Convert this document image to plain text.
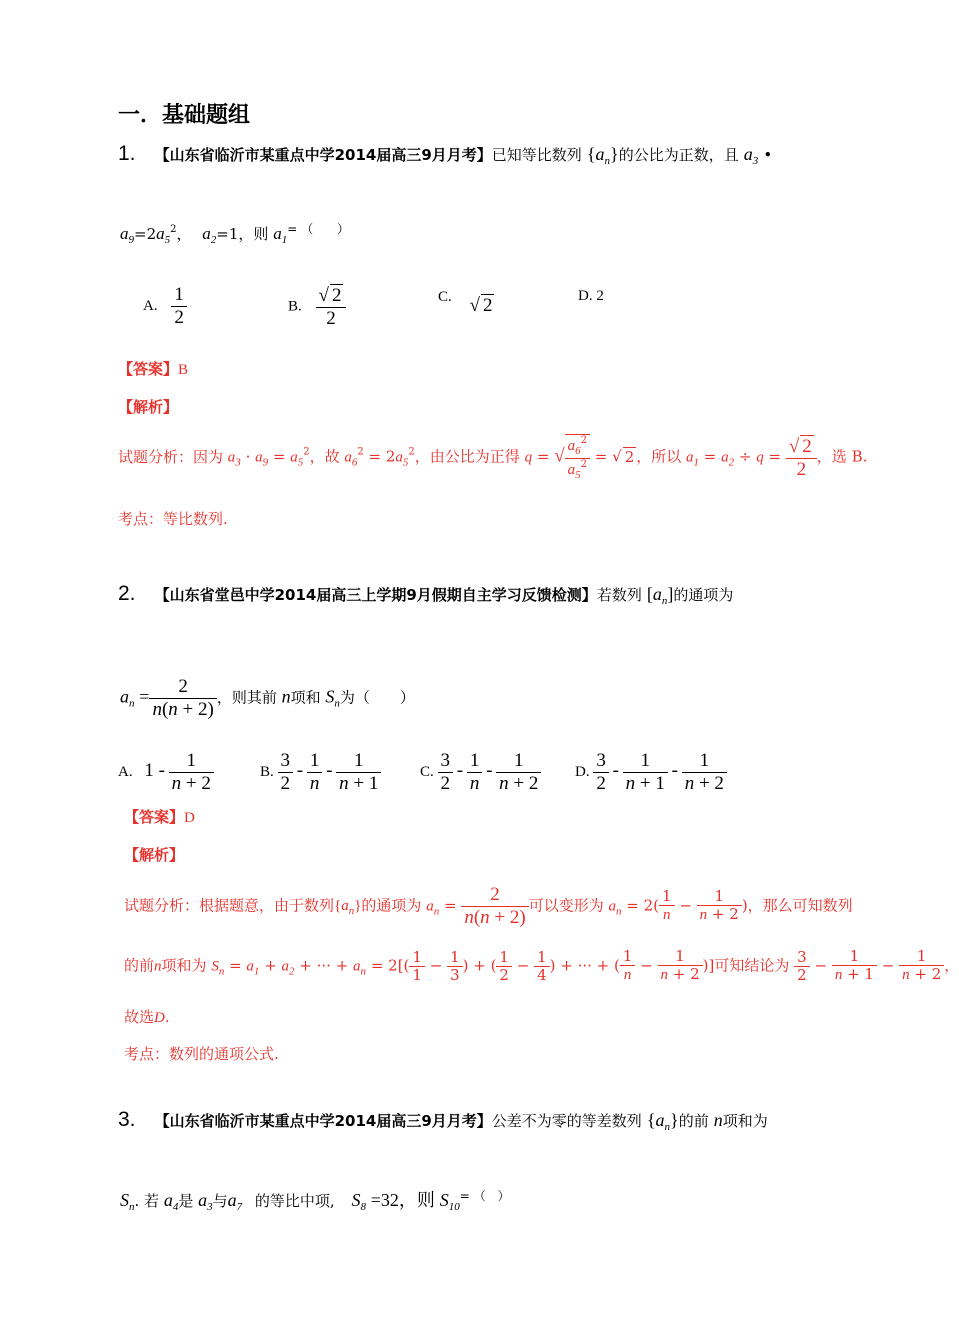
一．基础题组
1. 【山东省临沂市某重点中学2014届高三9月月考】已知等比数列 $\{a_n\}$的公比为正数，且 $a_3$ •
$a_9=2a_5^2$， $a_2=1$，则 $a_1^{= ( )}$
A. $\frac{1}{2}$	B. $\frac{√ 2}{2}$	C. √ 2	D. 2
【答案】B
【解析】
试题分析：因为 $a_3 \cdot a_9 = a_5^2$，故 $a_6^2 = 2a_5^2$，由公比为正得 q = √ $\frac{a_6^2}{a_5^2}$ = √ 2 ，所以 $a_1 = a_2 \div q = \frac{√ 2}{2}$ ，选 B.
考点：等比数列.
2. 【山东省堂邑中学2014届高三上学期9月假期自主学习反馈检测】若数列 $[a_n]$的通项为
$a_n = \frac{2}{n(n + 2)}$ ，则其前 n项和 $S_n$为（　　）
A. $1 - \frac{1}{n + 2}$	B. $\frac{3}{2} - \frac{1}{n} - \frac{1}{n + 1}$	C. $\frac{3}{2} - \frac{1}{n} - \frac{1}{n + 2} D$. $\frac{3}{2} - \frac{1}{n + 1} - \frac{1}{n + 2}$
【答案】D
【解析】
试题分析：根据题意，由于数列$\{a_n\}$的通项为 $a_n = \frac{2}{n(n + 2)}$ 可以变形为 $a_n = 2( \frac{1}{n} - \frac{1}{n + 2}$ )，那么可知数列
的前n项和为 $S_n = a_1 + a_2$ + ··· + $a_n = 2[( \frac{1}{1} - \frac{1}{3}$ ) + ( $\frac{1}{2} - \frac{1}{4}$ ) + ··· + ( $\frac{1}{n} - \frac{1}{n + 2}$ )]可知结论为 $\frac{3}{2} - \frac{1}{n + 1} - \frac{1}{n + 2}$ ，
故选D.
考点：数列的通项公式.
3. 【山东省临沂市某重点中学2014届高三9月月考】公差不为零的等差数列 $\{a_n\}$的前 n项和为
$S_n$. 若 $a_4$是 $a_3$与$a_7$ 的等比中项, $S_8 =32$，则 $S_{10}^{= ( )}$
